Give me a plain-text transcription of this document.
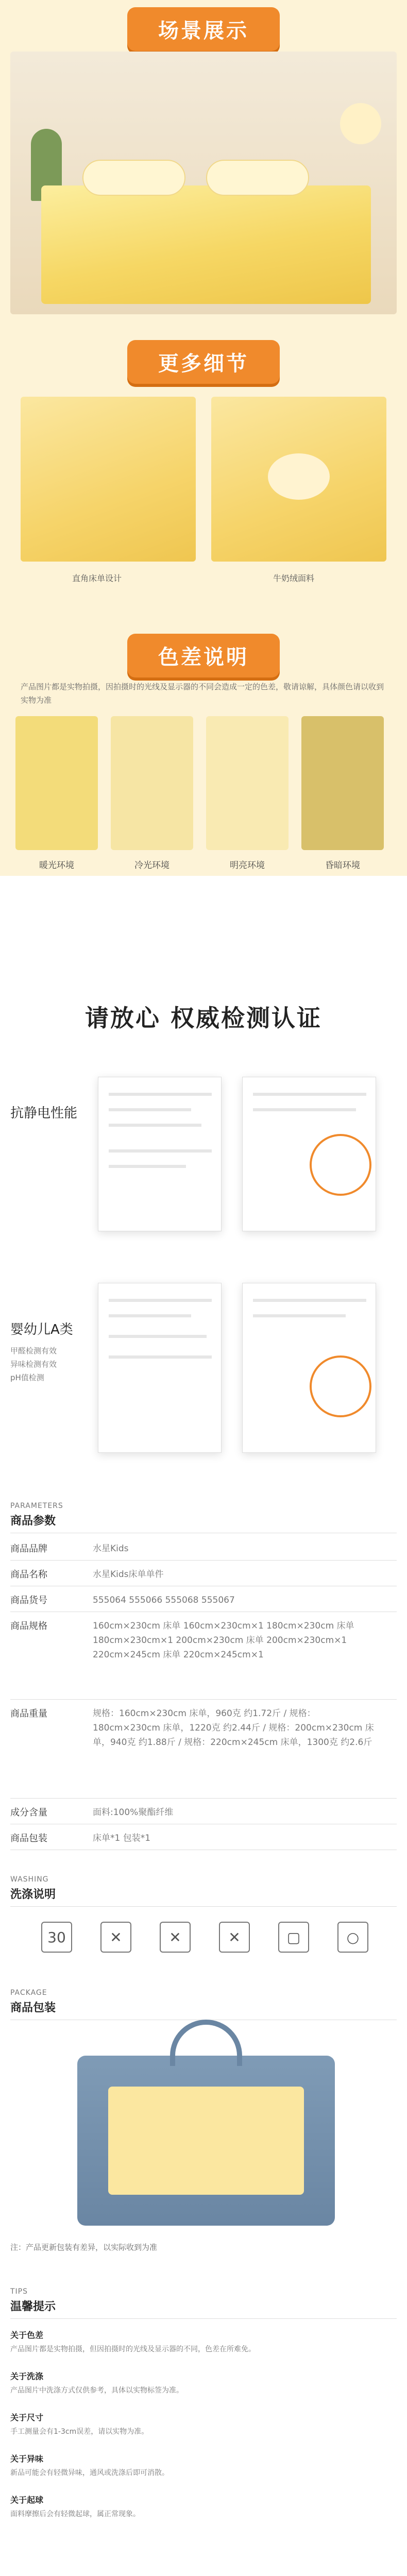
场景展示
更多细节
直角床单设计	牛奶绒面料
色差说明
产品图片都是实物拍摄，因拍摄时的光线及显示器的不同会造成一定的色差，敬请谅解，具体颜色请以收到实物为准
暖光环境	冷光环境	明亮环境	昏暗环境
请放心 权威检测认证
抗静电性能
婴幼儿A类
甲醛检测有效
异味检测有效
pH值检测
PARAMETERS
商品参数
商品品牌	水星Kids
商品名称	水星Kids床单单件
商品货号	555064 555066 555068 555067
商品规格	160cm×230cm 床单 160cm×230cm×1 180cm×230cm 床单 180cm×230cm×1 200cm×230cm 床单 200cm×230cm×1 220cm×245cm 床单 220cm×245cm×1
商品重量	规格：160cm×230cm 床单，960克 约1.72斤 / 规格：180cm×230cm 床单，1220克 约2.44斤 / 规格：200cm×230cm 床单，940克 约1.88斤 / 规格：220cm×245cm 床单，1300克 约2.6斤
成分含量	面料:100%聚酯纤维
商品包装	床单*1 包装*1
WASHING
洗涤说明
30	✕	✕	✕	▢	○
PACKAGE
商品包装
注：产品更新包装有差异，以实际收到为准
TIPS
温馨提示
关于色差
产品图片都是实物拍摄，但因拍摄时的光线及显示器的不同，色差在所难免。
关于洗涤
产品图片中洗涤方式仅供参考，具体以实物标签为准。
关于尺寸
手工测量会有1-3cm误差，请以实物为准。
关于异味
新品可能会有轻微异味，通风或洗涤后即可消散。
关于起球
面料摩擦后会有轻微起球，属正常现象。
